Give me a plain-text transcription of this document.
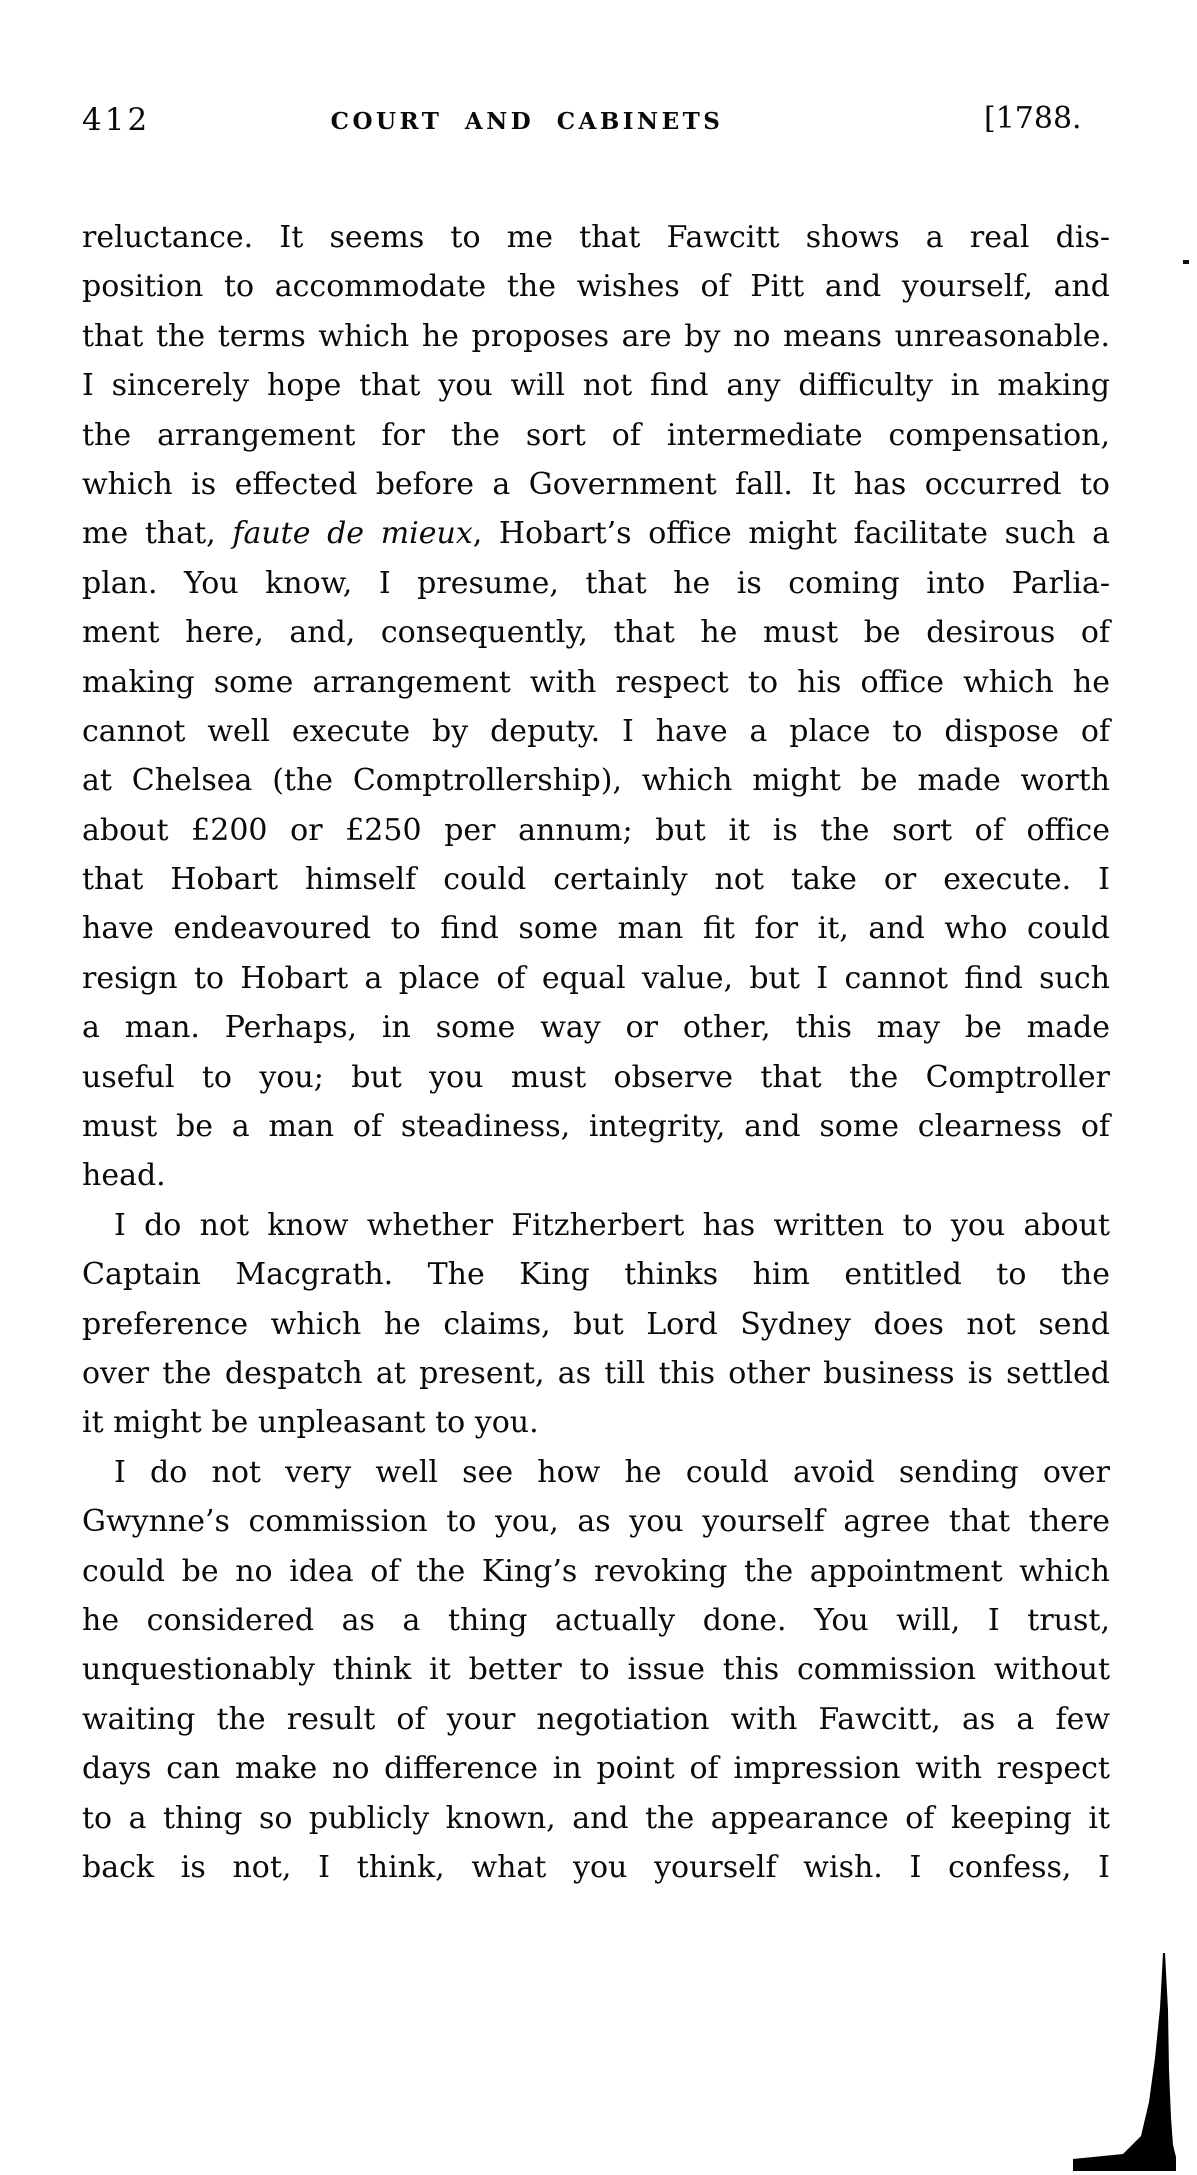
412	COURT AND CABINETS	[1788.
reluctance. It seems to me that Fawcitt shows a real dis-
position to accommodate the wishes of Pitt and yourself, and
that the terms which he proposes are by no means unreasonable.
I sincerely hope that you will not find any difficulty in making
the arrangement for the sort of intermediate compensation,
which is effected before a Government fall. It has occurred to
me that, faute de mieux, Hobart’s office might facilitate such a
plan. You know, I presume, that he is coming into Parlia-
ment here, and, consequently, that he must be desirous of
making some arrangement with respect to his office which he
cannot well execute by deputy. I have a place to dispose of
at Chelsea (the Comptrollership), which might be made worth
about £200 or £250 per annum; but it is the sort of office
that Hobart himself could certainly not take or execute. I
have endeavoured to find some man fit for it, and who could
resign to Hobart a place of equal value, but I cannot find such
a man. Perhaps, in some way or other, this may be made
useful to you; but you must observe that the Comptroller
must be a man of steadiness, integrity, and some clearness of
head.
I do not know whether Fitzherbert has written to you about
Captain Macgrath. The King thinks him entitled to the
preference which he claims, but Lord Sydney does not send
over the despatch at present, as till this other business is settled
it might be unpleasant to you.
I do not very well see how he could avoid sending over
Gwynne’s commission to you, as you yourself agree that there
could be no idea of the King’s revoking the appointment which
he considered as a thing actually done. You will, I trust,
unquestionably think it better to issue this commission without
waiting the result of your negotiation with Fawcitt, as a few
days can make no difference in point of impression with respect
to a thing so publicly known, and the appearance of keeping it
back is not, I think, what you yourself wish. I confess, I
